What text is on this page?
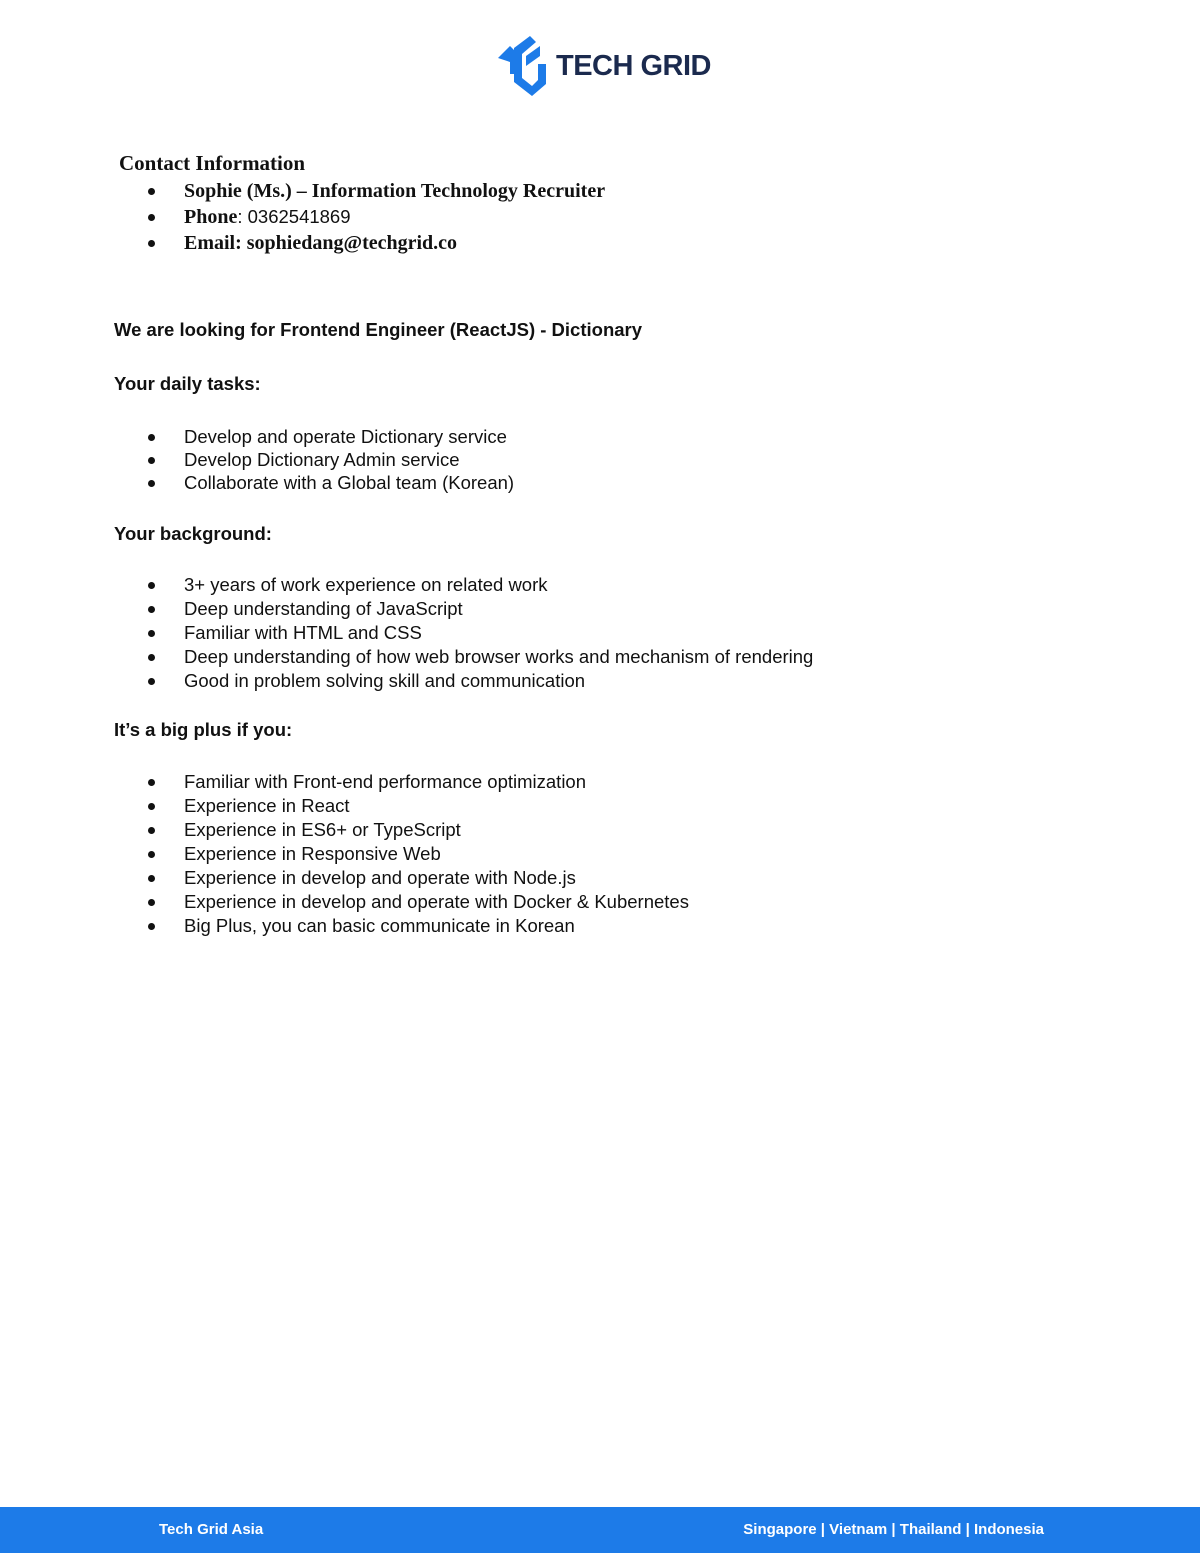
TECH GRID
Contact Information
Sophie (Ms.) – Information Technology Recruiter
Phone: 0362541869
Email: sophiedang@techgrid.co
We are looking for Frontend Engineer (ReactJS) - Dictionary
Your daily tasks:
Develop and operate Dictionary service
Develop Dictionary Admin service
Collaborate with a Global team (Korean)
Your background:
3+ years of work experience on related work
Deep understanding of JavaScript
Familiar with HTML and CSS
Deep understanding of how web browser works and mechanism of rendering
Good in problem solving skill and communication
It’s a big plus if you:
Familiar with Front-end performance optimization
Experience in React
Experience in ES6+ or TypeScript
Experience in Responsive Web
Experience in develop and operate with Node.js
Experience in develop and operate with Docker & Kubernetes
Big Plus, you can basic communicate in Korean
Tech Grid Asia	Singapore | Vietnam | Thailand | Indonesia
